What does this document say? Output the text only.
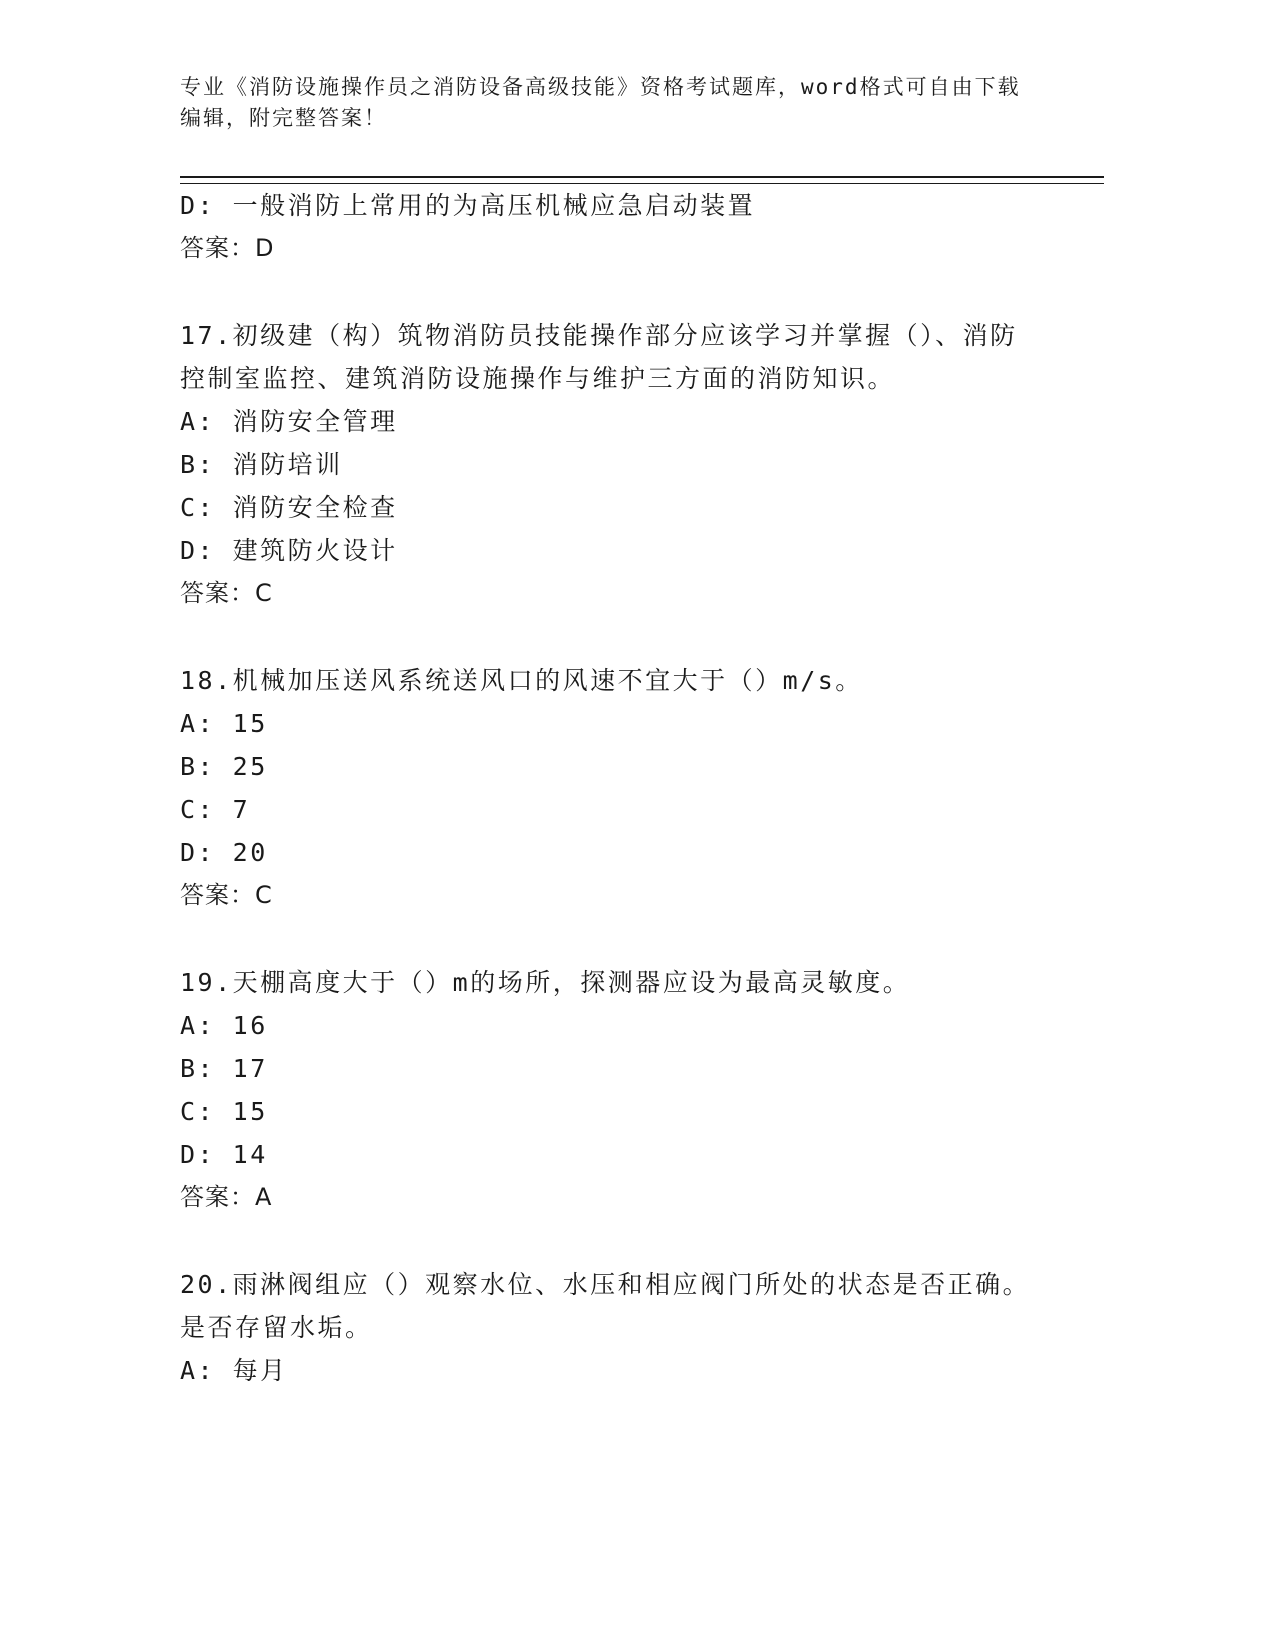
专业《消防设施操作员之消防设备高级技能》资格考试题库，word格式可自由下载编辑，附完整答案！
D: 一般消防上常用的为高压机械应急启动装置
答案：D
17.初级建（构）筑物消防员技能操作部分应该学习并掌握（）、消防
控制室监控、建筑消防设施操作与维护三方面的消防知识。
A: 消防安全管理
B: 消防培训
C: 消防安全检查
D: 建筑防火设计
答案：C
18.机械加压送风系统送风口的风速不宜大于（）m/s。
A: 15
B: 25
C: 7
D: 20
答案：C
19.天棚高度大于（）m的场所，探测器应设为最高灵敏度。
A: 16
B: 17
C: 15
D: 14
答案：A
20.雨淋阀组应（）观察水位、水压和相应阀门所处的状态是否正确。
是否存留水垢。
A: 每月
